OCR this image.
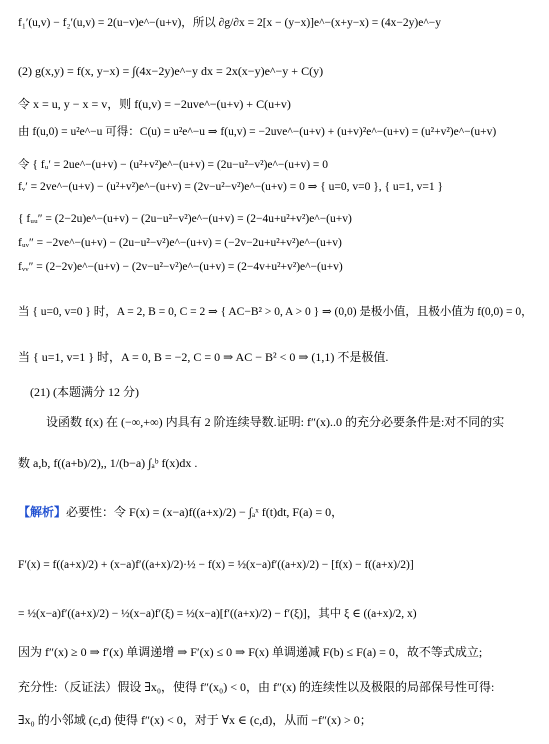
f₁′(u,v) − f₂′(u,v) = 2(u−v)e^−(u+v)，所以 ∂g/∂x = 2[x − (y−x)]e^−(x+y−x) = (4x−2y)e^−y
(2) g(x,y) = f(x, y−x) = ∫(4x−2y)e^−y dx = 2x(x−y)e^−y + C(y)
令 x = u, y − x = v，则 f(u,v) = −2uve^−(u+v) + C(u+v)
由 f(u,0) = u²e^−u 可得：C(u) = u²e^−u ⇒ f(u,v) = −2uve^−(u+v) + (u+v)²e^−(u+v) = (u²+v²)e^−(u+v)
令 { fᵤ′ = 2ue^−(u+v) − (u²+v²)e^−(u+v) = (2u−u²−v²)e^−(u+v) = 0
fᵥ′ = 2ve^−(u+v) − (u²+v²)e^−(u+v) = (2v−u²−v²)e^−(u+v) = 0 ⇒ { u=0, v=0 }, { u=1, v=1 }
{ fᵤᵤ″ = (2−2u)e^−(u+v) − (2u−u²−v²)e^−(u+v) = (2−4u+u²+v²)e^−(u+v)
fᵤᵥ″ = −2ve^−(u+v) − (2u−u²−v²)e^−(u+v) = (−2v−2u+u²+v²)e^−(u+v)
fᵥᵥ″ = (2−2v)e^−(u+v) − (2v−u²−v²)e^−(u+v) = (2−4v+u²+v²)e^−(u+v)
当 { u=0, v=0 } 时，A = 2, B = 0, C = 2 ⇒ { AC−B² > 0, A > 0 } ⇒ (0,0) 是极小值，且极小值为 f(0,0) = 0，
当 { u=1, v=1 } 时，A = 0, B = −2, C = 0 ⇒ AC − B² < 0 ⇒ (1,1) 不是极值.
(21) (本题满分 12 分)
设函数 f(x) 在 (−∞,+∞) 内具有 2 阶连续导数.证明: f″(x)..0 的充分必要条件是:对不同的实
数 a,b, f((a+b)/2),, 1/(b−a) ∫ₐᵇ f(x)dx .
【解析】必要性：令 F(x) = (x−a)f((a+x)/2) − ∫ₐˣ f(t)dt, F(a) = 0，
F′(x) = f((a+x)/2) + (x−a)f′((a+x)/2)·½ − f(x) = ½(x−a)f′((a+x)/2) − [f(x) − f((a+x)/2)]
= ½(x−a)f′((a+x)/2) − ½(x−a)f′(ξ) = ½(x−a)[f′((a+x)/2) − f′(ξ)]，其中 ξ ∈ ((a+x)/2, x)
因为 f″(x) ≥ 0 ⇒ f′(x) 单调递增 ⇒ F′(x) ≤ 0 ⇒ F(x) 单调递减 F(b) ≤ F(a) = 0，故不等式成立;
充分性:（反证法）假设 ∃x₀，使得 f″(x₀) < 0，由 f″(x) 的连续性以及极限的局部保号性可得:
∃x₀ 的小邻域 (c,d) 使得 f″(x) < 0，对于 ∀x ∈ (c,d)，从而 −f″(x) > 0；
